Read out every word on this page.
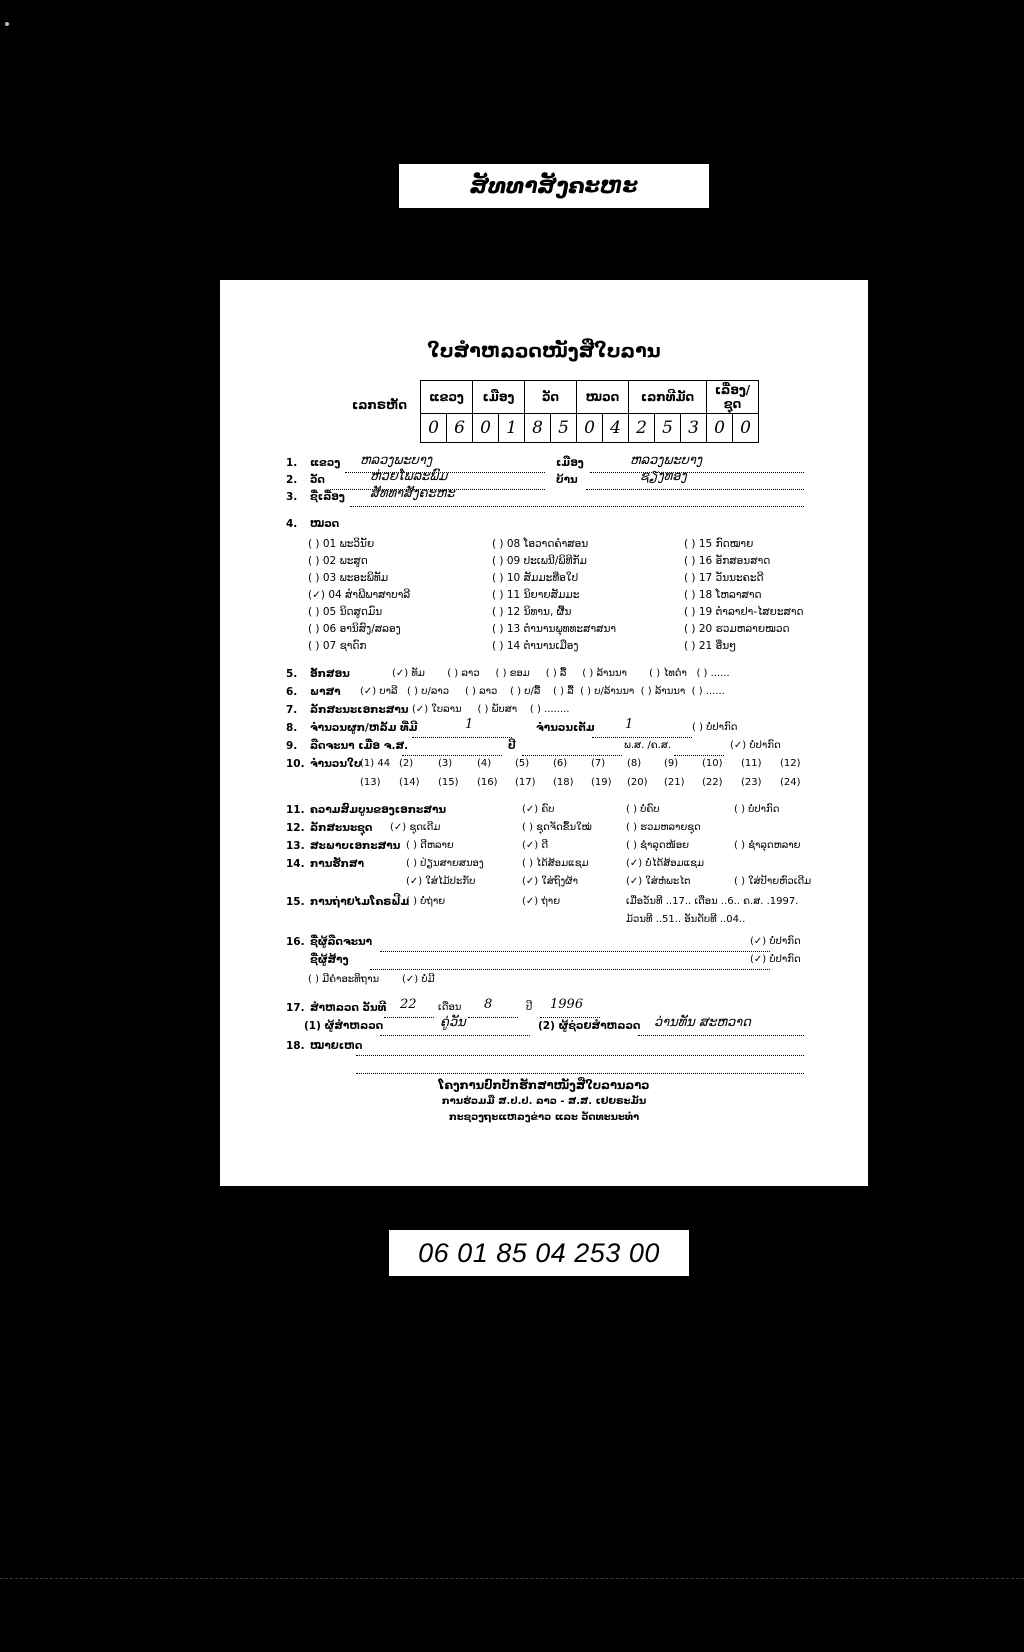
ສັທທາສັງຄະຫະ
ໃບສຳຫລວດໜັງສືໃບລານ
ເລກຣຫັດ
ແຂວງ		ເມືອງ		ວັດ		ໝວດ		ເລກທີມັດ			ເລື່ອງ/ຊຸດ	
0	6	0	1	8	5	0	4	2	5	3	0	0
1. ແຂວງ ຫລວງພະບາງ	ເມືອງ	ຫລວງພະບາງ
2. ວັດ	ຫ່ວຍໂພລະພົມ	ບ້ານ	ຊຽງທອງ
3. ຊື່ເລື່ອງ ສັທທາສັງຄະຫະ
4. ໝວດ
( ) 01 ພະວິນັຍ
( ) 02 ພະສູດ
( ) 03 ພະອະພິທັມ
(✓) 04 ສຳພີພາສາບາລີ
( ) 05 ນິດສູດມົນ
( ) 06 ອານິສົງ/ສລອງ
( ) 07 ຊາດົກ
( ) 08 ໂອວາດຄຳສອນ
( ) 09 ປະເພນີ/ພິທີກັມ
( ) 10 ສັມມະທີ່ອໃປ
( ) 11 ນິຍາຍສັມມະ
( ) 12 ນິທານ, ຜື້ນ
( ) 13 ຕຳນານພຸທທະສາສນາ
( ) 14 ຕຳນານເມືອງ
( ) 15 ກົດໝາຍ
( ) 16 ອັກສອນສາດ
( ) 17 ວັນນະຄະດີ
( ) 18 ໂຫລາສາດ
( ) 19 ຕຳລາຢາ-ໄສຍະສາດ
( ) 20 ຮວມຫລາຍໝວດ
( ) 21 ອື່ນໆ
5. ອັກສອນ	(✓) ທັມ ( ) ລາວ ( ) ຂອມ ( ) ລື້ ( ) ລ້ານນາ ( ) ໄທດຳ ( ) ......
6. ພາສາ (✓) ບາລີ ( ) ບ/ລາວ ( ) ລາວ ( ) ບ/ລື້ ( ) ລື້ ( ) ບ/ລ້ານນາ ( ) ລ້ານນາ ( ) ......
7. ລັກສະນະເອກະສານ (✓) ໃບລານ ( ) ພັບສາ ( ) ........
8. ຈຳນວນຜູກ/ຫລັ້ມ ທີ່ມີ	1	ຈຳນວນເຕັມ 1	( ) ບໍ່ປາກົດ
9. ລືດຈະນາ ເມື່ອ ຈ.ສ.	ປີ	ພ.ສ. /ຄ.ສ.	(✓) ບໍ່ປາກົດ
10. ຈຳນວນໃບ
(1) 44 (2)	(3)	(4)	(5)	(6)	(7)	(8)	(9)	(10)	(11)	(12)
(13)	(14)	(15)	(16)	(17)	(18)	(19)	(20)	(21)	(22)	(23)	(24)
11. ຄວາມສົມບູນຂອງເອກະສານ	(✓) ຄົບ	( ) ບໍ່ຄົບ	( ) ບໍ່ປາກົດ
12. ລັກສະນະຊຸດ (✓) ຊຸດເດີມ	( ) ຊຸດຈັດຂຶ້ນໃໝ່	( ) ຮວມຫລາຍຊຸດ
13. ສະພາບເອກະສານ ( ) ດີຫລາຍ	(✓) ດີ	( ) ຊຳລຸດໜ້ອຍ	( ) ຊຳລຸດຫລາຍ
14. ການຮັກສາ	( ) ປ່ຽນສາຍສນອງ	( ) ໄດ້ສ້ອມແຊມ	(✓) ບໍ່ໄດ້ສ້ອມແຊມ
(✓) ໃສ່ໄມ້ປະກັບ	(✓) ໃສ່ຖົງຜ້າ	(✓) ໃສ່ຫໍພະໄຕ	( ) ໃສ່ປ້າຍຫົວເດີມ
15. ການຖ່າຍໄມໂຄຣຟີມ
( ) ບໍ່ຖ່າຍ	(✓) ຖ່າຍ	ເມື່ອວັນທີ ..17.. ເດືອນ ..6.. ຄ.ສ. .1997.
ມ້ວນທີ ..51.. ອັນດັບທີ ..04..
16. ຊື່ຜູ້ລືດຈະນາ	(✓) ບໍ່ປາກົດ
ຊື່ຜູ້ສ້າງ	(✓) ບໍ່ປາກົດ
( ) ມີຄຳອະທິຖານ (✓) ບໍ່ມີ
17. ສຳຫລວດ ວັນທີ 22 ເດືອນ 8	ປີ 1996
(1) ຜູ້ສຳຫລວດ	ຄູ່ວັນ	(2) ຜູ້ຊ່ວຍສຳຫລວດ ວ່ານທັນ ສະຫວາດ
18. ໝາຍເຫດ
ໂຄງການປົກປັກຮັກສາໜັງສືໃບລານລາວ
ການຮ່ວມມື ສ.ປ.ປ. ລາວ - ສ.ສ. ເຢຍຣະມັນ
ກະຊວງຖະແຫລງຂ່າວ ແລະ ວັດທະນະທຳ
06 01 85 04 253 00
